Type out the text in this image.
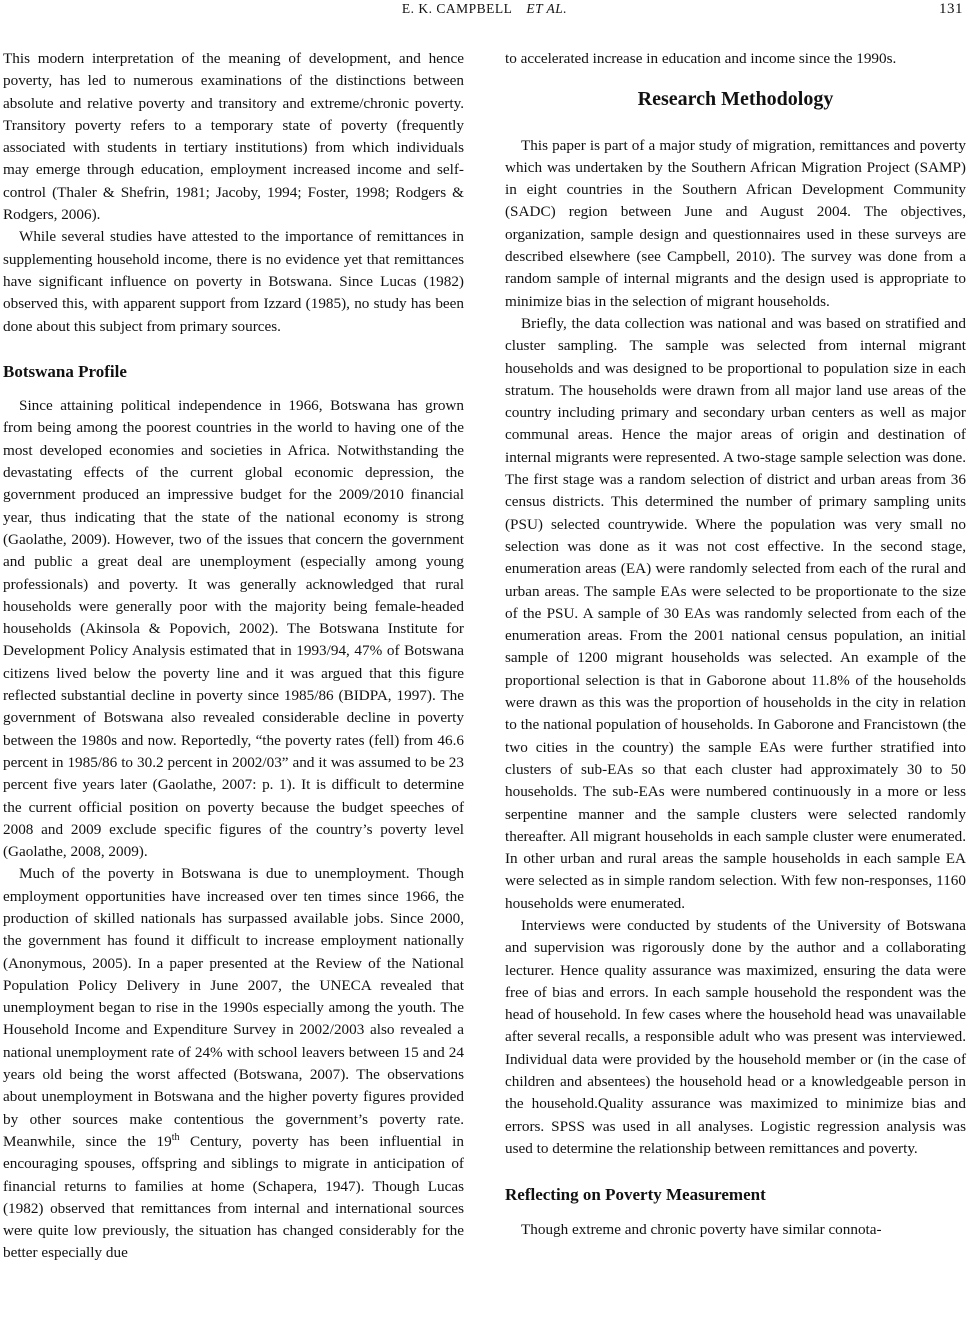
E. K. CAMPBELL  ET AL.	131

This modern interpretation of the meaning of development, and hence poverty, has led to numerous examinations of the distinctions between absolute and relative poverty and transitory and extreme/chronic poverty. Transitory poverty refers to a temporary state of poverty (frequently associated with students in tertiary institutions) from which individuals may emerge through education, employment increased income and self-control (Thaler & Shefrin, 1981; Jacoby, 1994; Foster, 1998; Rodgers & Rodgers, 2006).

While several studies have attested to the importance of remittances in supplementing household income, there is no evidence yet that remittances have significant influence on poverty in Botswana. Since Lucas (1982) observed this, with apparent support from Izzard (1985), no study has been done about this subject from primary sources.

Botswana Profile

Since attaining political independence in 1966, Botswana has grown from being among the poorest countries in the world to having one of the most developed economies and societies in Africa. Notwithstanding the devastating effects of the current global economic depression, the government produced an impressive budget for the 2009/2010 financial year, thus indicating that the state of the national economy is strong (Gaolathe, 2009). However, two of the issues that concern the government and public a great deal are unemployment (especially among young professionals) and poverty. It was generally acknowledged that rural households were generally poor with the majority being female-headed households (Akinsola & Popovich, 2002). The Botswana Institute for Development Policy Analysis estimated that in 1993/94, 47% of Botswana citizens lived below the poverty line and it was argued that this figure reflected substantial decline in poverty since 1985/86 (BIDPA, 1997). The government of Botswana also revealed considerable decline in poverty between the 1980s and now. Reportedly, “the poverty rates (fell) from 46.6 percent in 1985/86 to 30.2 percent in 2002/03” and it was assumed to be 23 percent five years later (Gaolathe, 2007: p. 1). It is difficult to determine the current official position on poverty because the budget speeches of 2008 and 2009 exclude specific figures of the country’s poverty level (Gaolathe, 2008, 2009).

Much of the poverty in Botswana is due to unemployment. Though employment opportunities have increased over ten times since 1966, the production of skilled nationals has surpassed available jobs. Since 2000, the government has found it difficult to increase employment nationally (Anonymous, 2005). In a paper presented at the Review of the National Population Policy Delivery in June 2007, the UNECA revealed that unemployment began to rise in the 1990s especially among the youth. The Household Income and Expenditure Survey in 2002/2003 also revealed a national unemployment rate of 24% with school leavers between 15 and 24 years old being the worst affected (Botswana, 2007). The observations about unemployment in Botswana and the higher poverty figures provided by other sources make contentious the government’s poverty rate. Meanwhile, since the 19th Century, poverty has been influential in encouraging spouses, offspring and siblings to migrate in anticipation of financial returns to families at home (Schapera, 1947). Though Lucas (1982) observed that remittances from internal and international sources were quite low previously, the situation has changed considerably for the better especially due

to accelerated increase in education and income since the 1990s.

Research Methodology

This paper is part of a major study of migration, remittances and poverty which was undertaken by the Southern African Migration Project (SAMP) in eight countries in the Southern African Development Community (SADC) region between June and August 2004. The objectives, organization, sample design and questionnaires used in these surveys are described elsewhere (see Campbell, 2010). The survey was done from a random sample of internal migrants and the design used is appropriate to minimize bias in the selection of migrant households.

Briefly, the data collection was national and was based on stratified and cluster sampling. The sample was selected from internal migrant households and was designed to be proportional to population size in each stratum. The households were drawn from all major land use areas of the country including primary and secondary urban centers as well as major communal areas. Hence the major areas of origin and destination of internal migrants were represented. A two-stage sample selection was done. The first stage was a random selection of district and urban areas from 36 census districts. This determined the number of primary sampling units (PSU) selected countrywide. Where the population was very small no selection was done as it was not cost effective. In the second stage, enumeration areas (EA) were randomly selected from each of the rural and urban areas. The sample EAs were selected to be proportionate to the size of the PSU. A sample of 30 EAs was randomly selected from each of the enumeration areas. From the 2001 national census population, an initial sample of 1200 migrant households was selected. An example of the proportional selection is that in Gaborone about 11.8% of the households were drawn as this was the proportion of households in the city in relation to the national population of households. In Gaborone and Francistown (the two cities in the country) the sample EAs were further stratified into clusters of sub-EAs so that each cluster had approximately 30 to 50 households. The sub-EAs were numbered continuously in a more or less serpentine manner and the sample clusters were selected randomly thereafter. All migrant households in each sample cluster were enumerated. In other urban and rural areas the sample households in each sample EA were selected as in simple random selection. With few non-responses, 1160 households were enumerated.

Interviews were conducted by students of the University of Botswana and supervision was rigorously done by the author and a collaborating lecturer. Hence quality assurance was maximized, ensuring the data were free of bias and errors. In each sample household the respondent was the head of household. In few cases where the household head was unavailable after several recalls, a responsible adult who was present was interviewed. Individual data were provided by the household member or (in the case of children and absentees) the household head or a knowledgeable person in the household.Quality assurance was maximized to minimize bias and errors. SPSS was used in all analyses. Logistic regression analysis was used to determine the relationship between remittances and poverty.

Reflecting on Poverty Measurement

Though extreme and chronic poverty have similar connota-
